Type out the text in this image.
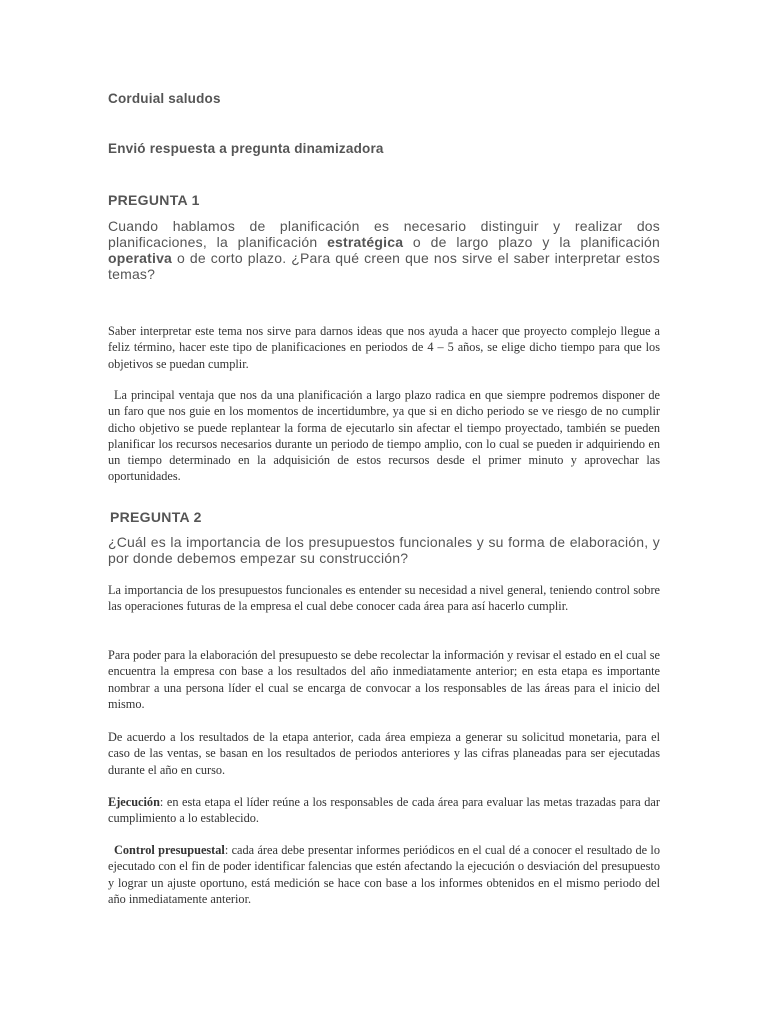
Corduial saludos
Envió respuesta a pregunta dinamizadora
PREGUNTA 1
Cuando hablamos de planificación es necesario distinguir y realizar dos planificaciones, la planificación estratégica o de largo plazo y la planificación operativa o de corto plazo. ¿Para qué creen que nos sirve el saber interpretar estos temas?
Saber interpretar este tema nos sirve para darnos ideas que nos ayuda a hacer que proyecto complejo llegue a feliz término, hacer este tipo de planificaciones en periodos de 4 – 5 años, se elige dicho tiempo para que los objetivos se puedan cumplir.
La principal ventaja que nos da una planificación a largo plazo radica en que siempre podremos disponer de un faro que nos guie en los momentos de incertidumbre, ya que si en dicho periodo se ve riesgo de no cumplir dicho objetivo se puede replantear la forma de ejecutarlo sin afectar el tiempo proyectado, también se pueden planificar los recursos necesarios durante un periodo de tiempo amplio, con lo cual se pueden ir adquiriendo en un tiempo determinado en la adquisición de estos recursos desde el primer minuto y aprovechar las oportunidades.
PREGUNTA 2
¿Cuál es la importancia de los presupuestos funcionales y su forma de elaboración, y por donde debemos empezar su construcción?
La importancia de los presupuestos funcionales es entender su necesidad a nivel general, teniendo control sobre las operaciones futuras de la empresa el cual debe conocer cada área para así hacerlo cumplir.
Para poder para la elaboración del presupuesto se debe recolectar la información y revisar el estado en el cual se encuentra la empresa con base a los resultados del año inmediatamente anterior; en esta etapa es importante nombrar a una persona líder el cual se encarga de convocar a los responsables de las áreas para el inicio del mismo.
De acuerdo a los resultados de la etapa anterior, cada área empieza a generar su solicitud monetaria, para el caso de las ventas, se basan en los resultados de periodos anteriores y las cifras planeadas para ser ejecutadas durante el año en curso.
Ejecución: en esta etapa el líder reúne a los responsables de cada área para evaluar las metas trazadas para dar cumplimiento a lo establecido.
Control presupuestal: cada área debe presentar informes periódicos en el cual dé a conocer el resultado de lo ejecutado con el fin de poder identificar falencias que estén afectando la ejecución o desviación del presupuesto y lograr un ajuste oportuno, está medición se hace con base a los informes obtenidos en el mismo periodo del año inmediatamente anterior.
